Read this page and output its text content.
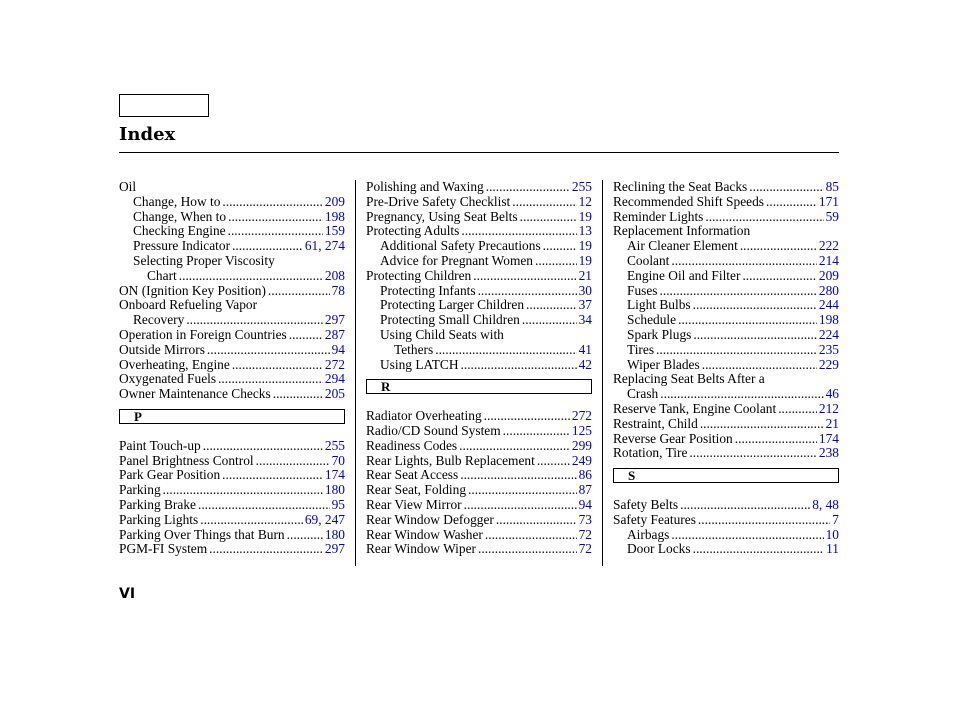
Index
Oil
Change, How to .....	209
Change, When to .....	198
Checking Engine .....	159
Pressure Indicator .....	61, 274
Selecting Proper Viscosity
Chart .....	208
ON (Ignition Key Position) .....	78
Onboard Refueling Vapor
Recovery .....	297
Operation in Foreign Countries .....	287
Outside Mirrors .....	94
Overheating, Engine .....	272
Oxygenated Fuels .....	294
Owner Maintenance Checks .....	205
P
Paint Touch-up .....	255
Panel Brightness Control .....	70
Park Gear Position .....	174
Parking .....	180
Parking Brake .....	95
Parking Lights .....	69, 247
Parking Over Things that Burn .....	180
PGM-FI System .....	297
Polishing and Waxing .....	255
Pre-Drive Safety Checklist .....	12
Pregnancy, Using Seat Belts .....	19
Protecting Adults .....	13
Additional Safety Precautions .....	19
Advice for Pregnant Women .....	19
Protecting Children .....	21
Protecting Infants .....	30
Protecting Larger Children .....	37
Protecting Small Children .....	34
Using Child Seats with
Tethers .....	41
Using LATCH .....	42
R
Radiator Overheating .....	272
Radio/CD Sound System .....	125
Readiness Codes .....	299
Rear Lights, Bulb Replacement .....	249
Rear Seat Access .....	86
Rear Seat, Folding .....	87
Rear View Mirror .....	94
Rear Window Defogger .....	73
Rear Window Washer .....	72
Rear Window Wiper .....	72
Reclining the Seat Backs .....	85
Recommended Shift Speeds .....	171
Reminder Lights .....	59
Replacement Information
Air Cleaner Element .....	222
Coolant .....	214
Engine Oil and Filter .....	209
Fuses .....	280
Light Bulbs .....	244
Schedule .....	198
Spark Plugs .....	224
Tires .....	235
Wiper Blades .....	229
Replacing Seat Belts After a
Crash .....	46
Reserve Tank, Engine Coolant .....	212
Restraint, Child .....	21
Reverse Gear Position .....	174
Rotation, Tire .....	238
S
Safety Belts .....	8, 48
Safety Features .....	7
Airbags .....	10
Door Locks .....	11
VI
